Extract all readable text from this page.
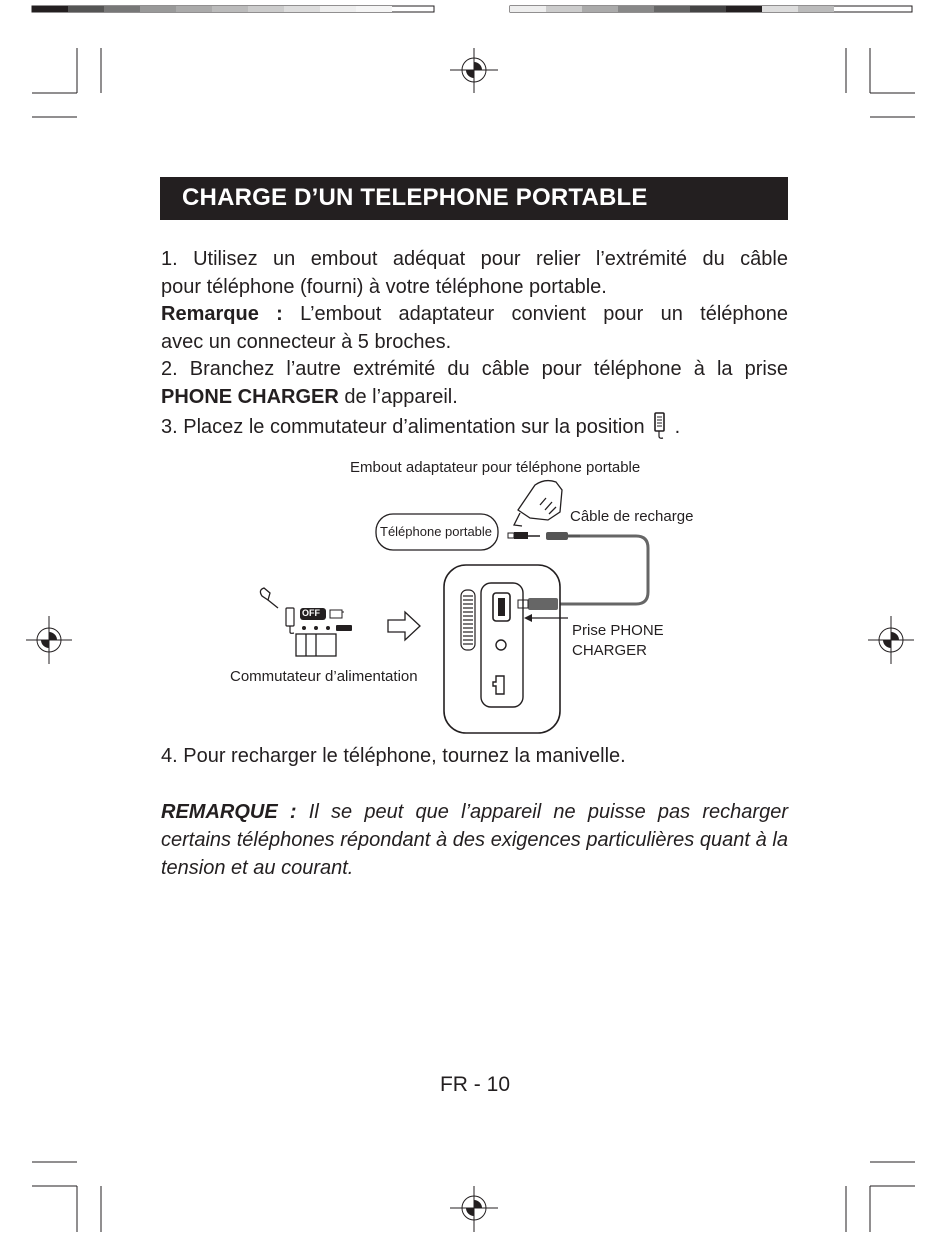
CHARGE D’UN TELEPHONE PORTABLE
1. Utilisez un embout adéquat pour relier l’extrémité du câble
pour téléphone (fourni) à votre téléphone portable.
Remarque : L’embout adaptateur convient pour un téléphone
avec un connecteur à 5 broches.
2. Branchez l’autre extrémité du câble pour téléphone à la prise
PHONE CHARGER de l’appareil.
3. Placez le commutateur d’alimentation sur la position .
Embout adaptateur pour téléphone portable
Téléphone portable
Câble de recharge
Prise PHONE
CHARGER
Commutateur d’alimentation
OFF
4. Pour recharger le téléphone, tournez la manivelle.
REMARQUE : Il se peut que l’appareil ne puisse pas recharger certains téléphones répondant à des exigences particulières quant à la tension et au courant.
FR - 10
